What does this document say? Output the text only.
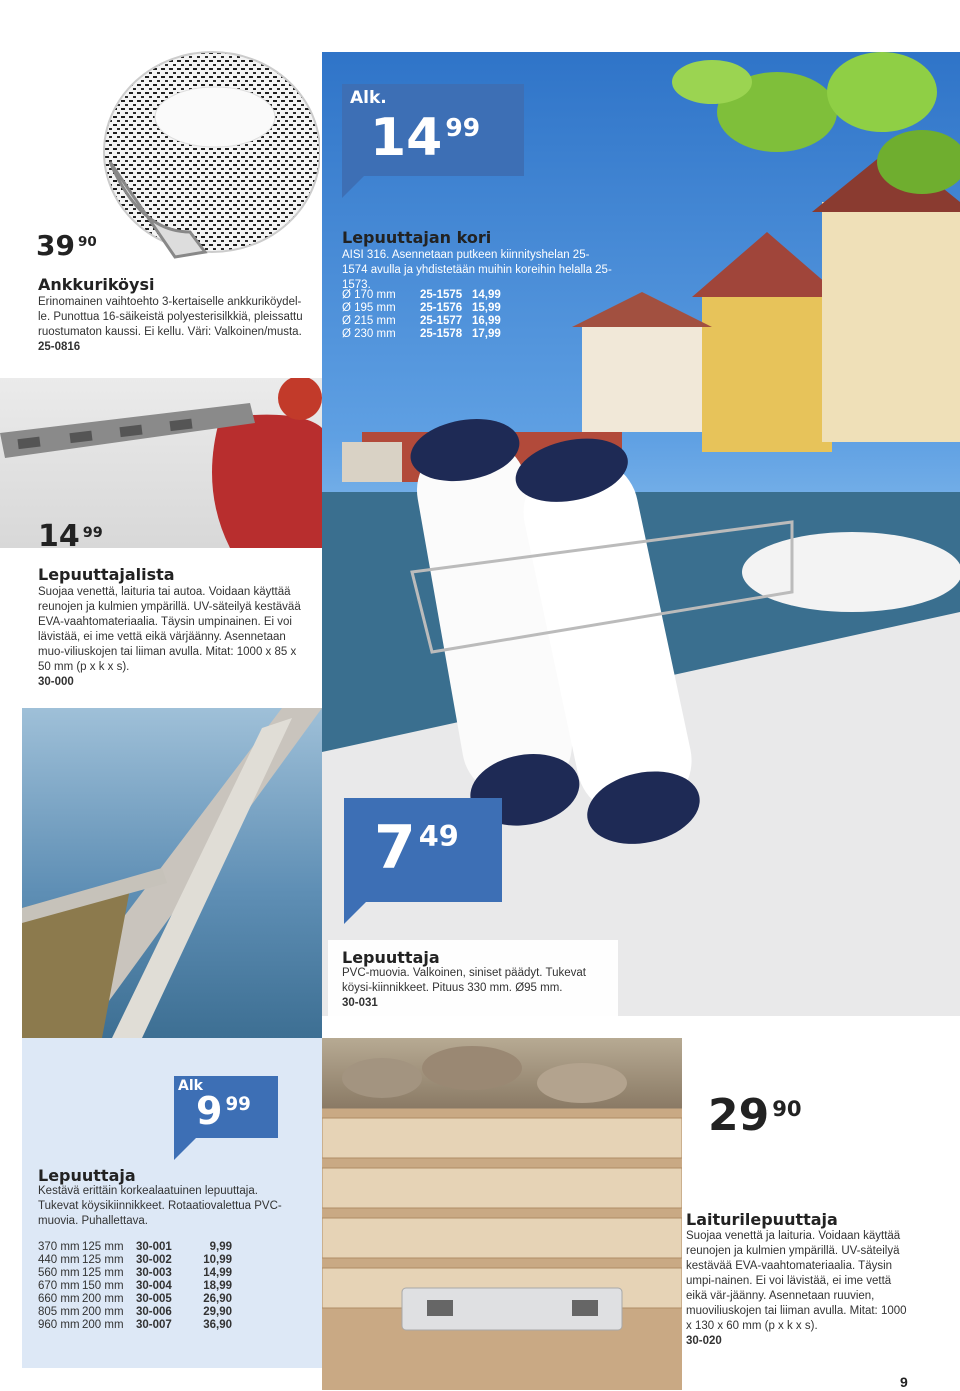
39 90
Ankkuriköysi
Erinomainen vaihtoehto 3-kertaiselle ankkuriköydel-le. Punottua 16-säikeistä polyesterisilkkiä, pleissattu ruostumaton kaussi. Ei kellu. Väri: Valkoinen/musta.
25-0816
Alk.
14 99
Lepuuttajan kori
AISI 316. Asennetaan putkeen kiinnityshelan 25-1574 avulla ja yhdistetään muihin koreihin helalla 25-1573.
Ø 170 mm	25-1575	14,99
Ø 195 mm	25-1576	15,99
Ø 215 mm	25-1577	16,99
Ø 230 mm	25-1578	17,99
14 99
Lepuuttajalista
Suojaa venettä, laituria tai autoa. Voidaan käyttää reunojen ja kulmien ympärillä. UV-säteilyä kestävää EVA-vaahtomateriaalia. Täysin umpinainen. Ei voi lävistää, ei ime vettä eikä värjäänny. Asennetaan muo-viliuskojen tai liiman avulla. Mitat: 1000 x 85 x 50 mm (p x k x s).
30-000
7 49
Lepuuttaja
PVC-muovia. Valkoinen, siniset päädyt. Tukevat köysi-kiinnikkeet. Pituus 330 mm. Ø95 mm.
30-031
Alk
9 99
Lepuuttaja
Kestävä erittäin korkealaatuinen lepuuttaja. Tukevat köysikiinnikkeet. Rotaatiovalettua PVC-muovia. Puhallettava.
370 mm	125 mm	30-001	9,99
440 mm	125 mm	30-002	10,99
560 mm	125 mm	30-003	14,99
670 mm	150 mm	30-004	18,99
660 mm	200 mm	30-005	26,90
805 mm	200 mm	30-006	29,90
960 mm	200 mm	30-007	36,90
29 90
Laiturilepuuttaja
Suojaa venettä ja laituria. Voidaan käyttää reunojen ja kulmien ympärillä. UV-säteilyä kestävää EVA-vaahtomateriaalia. Täysin umpi-nainen. Ei voi lävistää, ei ime vettä eikä vär-jäänny. Asennetaan ruuvien, muoviliuskojen tai liiman avulla. Mitat: 1000 x 130 x 60 mm (p x k x s).
30-020
9
